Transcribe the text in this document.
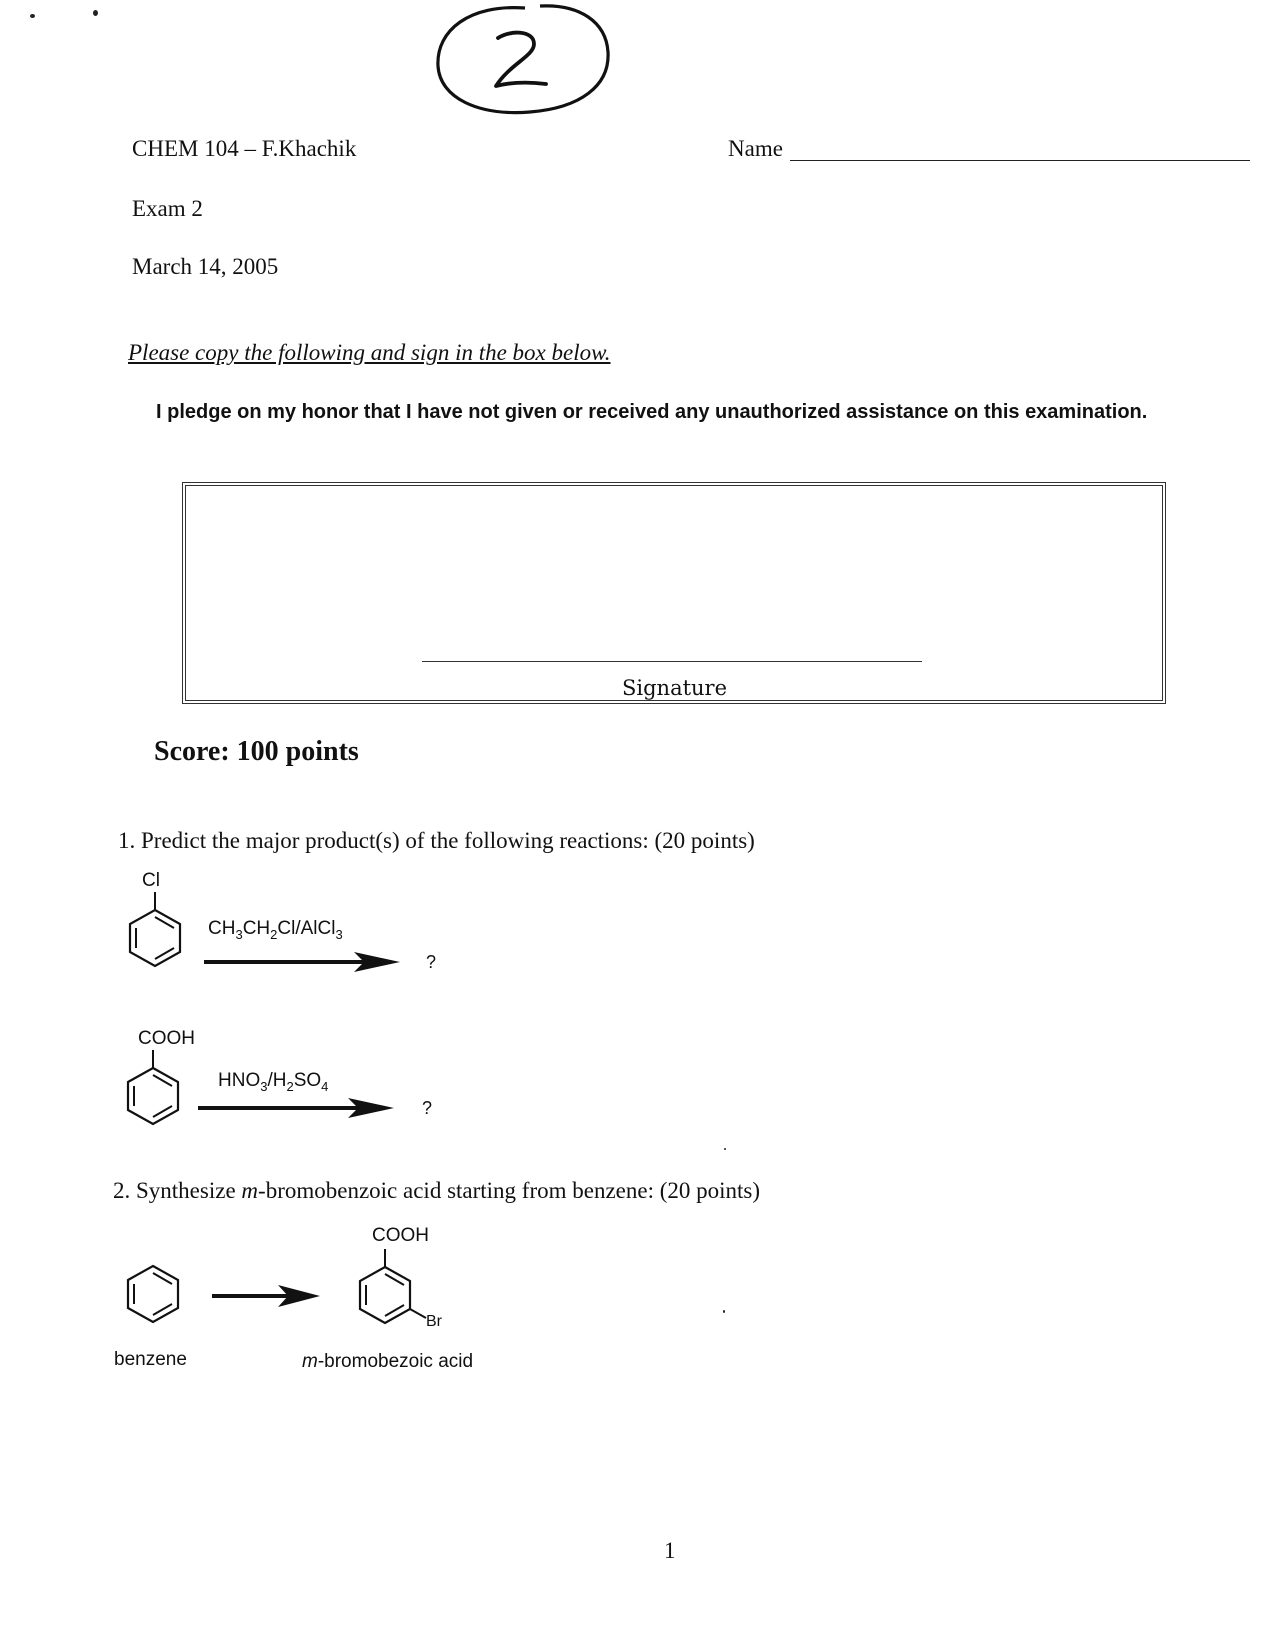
CHEM 104 – F.Khachik	Name
Exam 2
March 14, 2005
Please copy the following and sign in the box below.
I pledge on my honor that I have not given or received any unauthorized assistance on this examination.
Signature
Score: 100 points
1. Predict the major product(s) of the following reactions: (20 points)
Cl
$CH_3CH_2Cl/AlCl_3$
?
COOH
$HNO_3/H_2SO_4$
?
2. Synthesize m-bromobenzoic acid starting from benzene: (20 points)
COOH
Br
benzene	m-bromobezoic acid
1
